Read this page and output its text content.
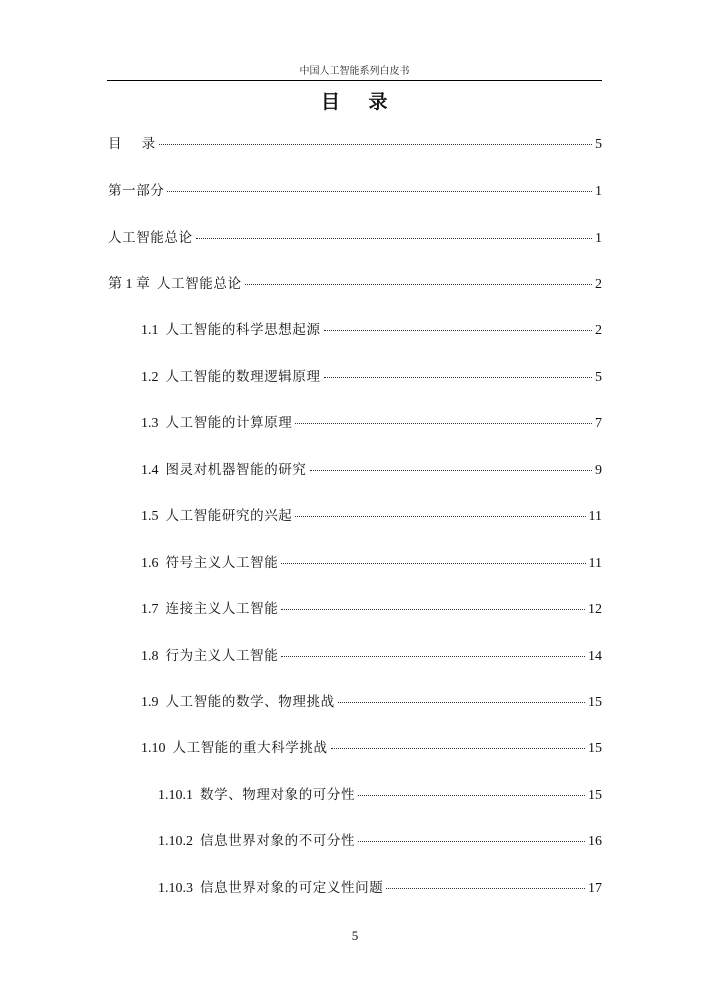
中国人工智能系列白皮书
目 录
目    录	5
第一部分	1
人工智能总论	1
第 1 章 人工智能总论	2
1.1 人工智能的科学思想起源	2
1.2 人工智能的数理逻辑原理	5
1.3 人工智能的计算原理	7
1.4 图灵对机器智能的研究	9
1.5 人工智能研究的兴起	11
1.6 符号主义人工智能	11
1.7 连接主义人工智能	12
1.8 行为主义人工智能	14
1.9 人工智能的数学、物理挑战	15
1.10 人工智能的重大科学挑战	15
1.10.1 数学、物理对象的可分性	15
1.10.2 信息世界对象的不可分性	16
1.10.3 信息世界对象的可定义性问题	17
5
